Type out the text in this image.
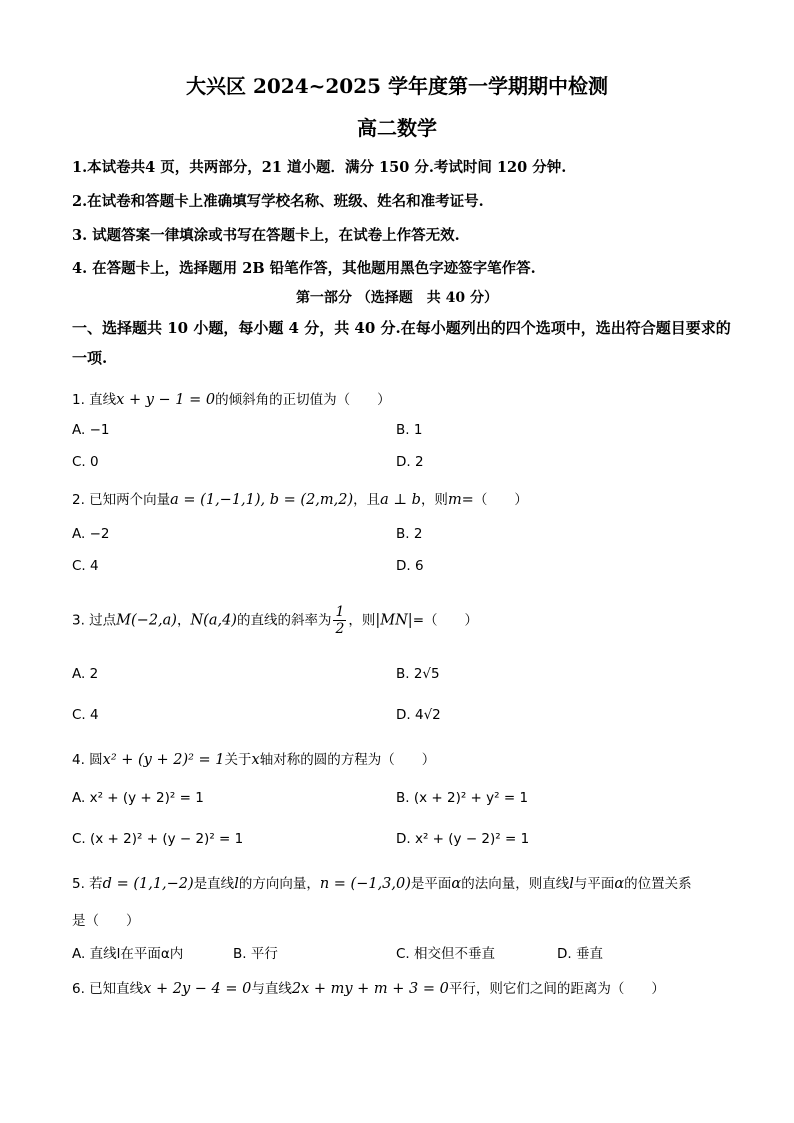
大兴区 2024~2025 学年度第一学期期中检测
高二数学
1.本试卷共4 页，共两部分，21 道小题．满分 150 分.考试时间 120 分钟.
2.在试卷和答题卡上准确填写学校名称、班级、姓名和准考证号.
3. 试题答案一律填涂或书写在答题卡上，在试卷上作答无效.
4. 在答题卡上，选择题用 2B 铅笔作答，其他题用黑色字迹签字笔作答.
第一部分 （选择题　共 40 分）
一、选择题共 10 小题，每小题 4 分，共 40 分.在每小题列出的四个选项中，选出符合题目要求的一项.
1. 直线x + y − 1 = 0的倾斜角的正切值为（　　）
A. −1	B. 1
C. 0	D. 2
2. 已知两个向量a = (1,−1,1), b = (2,m,2)，且a ⊥ b，则m=（　　）
A. −2	B. 2
C. 4	D. 6
3. 过点M(−2,a)，N(a,4)的直线的斜率为 $\frac{1}{2}$ ，则|MN|=（　　）
A. 2	B. 2√5
C. 4	D. 4√2
4. 圆x² + (y + 2)² = 1关于x轴对称的圆的方程为（　　）
A. x² + (y + 2)² = 1	B. (x + 2)² + y² = 1
C. (x + 2)² + (y − 2)² = 1	D. x² + (y − 2)² = 1
5. 若d = (1,1,−2)是直线l的方向向量，n = (−1,3,0)是平面α的法向量，则直线l与平面α的位置关系
是（　　）
A. 直线l在平面α内	B. 平行	C. 相交但不垂直	D. 垂直
6. 已知直线x + 2y − 4 = 0与直线2x + my + m + 3 = 0平行，则它们之间的距离为（　　）
